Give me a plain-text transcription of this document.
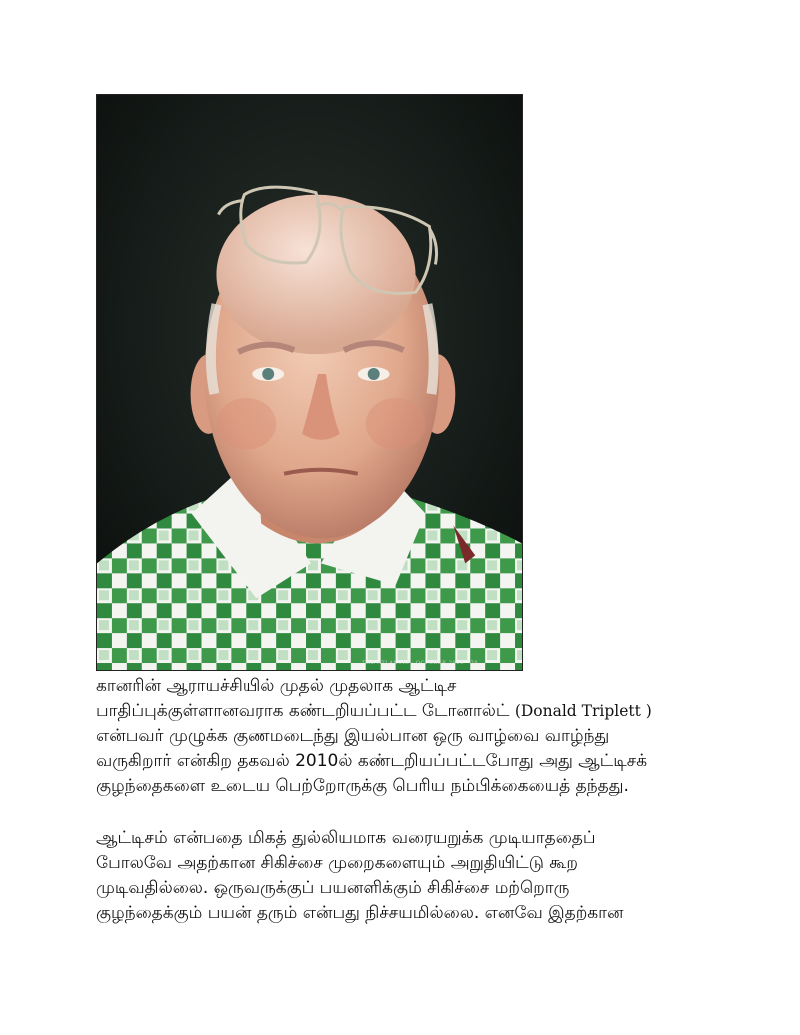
THE ATLANTIC · OCTOBER 2010 · 78
கானரின் ஆராயச்சியில் முதல் முதலாக ஆட்டிச
பாதிப்புக்குள்ளானவராக கண்டறியப்பட்ட டோனால்ட் (Donald Triplett )
என்பவர் முழுக்க குணமடைந்து இயல்பான ஒரு வாழ்வை வாழ்ந்து
வருகிறார் என்கிற தகவல் 2010ல் கண்டறியப்பட்டபோது அது ஆட்டிசக்
குழந்தைகளை உடைய பெற்றோருக்கு பெரிய நம்பிக்கையைத் தந்தது.
ஆட்டிசம் என்பதை மிகத் துல்லியமாக வரையறுக்க முடியாததைப்
போலவே அதற்கான சிகிச்சை முறைகளையும் அறுதியிட்டு கூற
முடிவதில்லை. ஒருவருக்குப் பயனளிக்கும் சிகிச்சை மற்றொரு
குழந்தைக்கும் பயன் தரும் என்பது நிச்சயமில்லை. எனவே இதற்கான
